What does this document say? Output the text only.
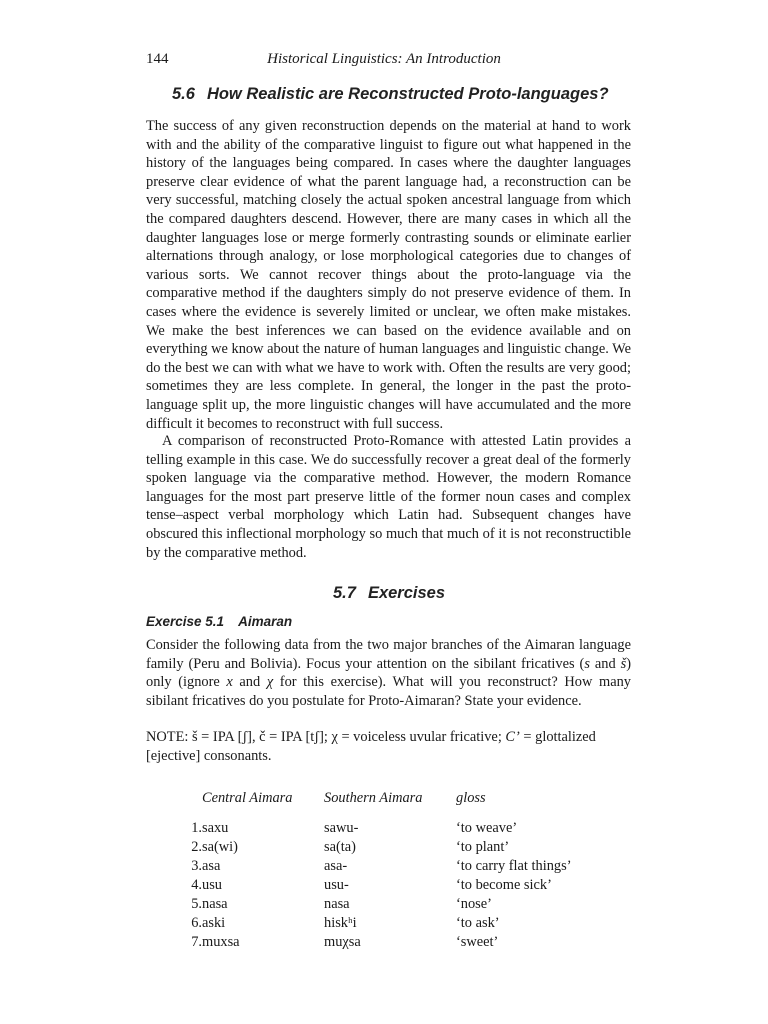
144	Historical Linguistics: An Introduction
5.6 How Realistic are Reconstructed Proto-languages?

The success of any given reconstruction depends on the material at hand to work with and the ability of the comparative linguist to figure out what happened in the history of the languages being compared. In cases where the daughter languages preserve clear evidence of what the parent language had, a reconstruction can be very successful, matching closely the actual spoken ancestral language from which the compared daughters descend. However, there are many cases in which all the daughter languages lose or merge formerly contrasting sounds or eliminate earlier alternations through analogy, or lose morphological categories due to changes of various sorts. We cannot recover things about the proto-language via the comparative method if the daughters simply do not preserve evidence of them. In cases where the evidence is severely limited or unclear, we often make mistakes. We make the best inferences we can based on the evidence available and on everything we know about the nature of human languages and linguistic change. We do the best we can with what we have to work with. Often the results are very good; sometimes they are less complete. In general, the longer in the past the proto-language split up, the more linguistic changes will have accumulated and the more difficult it becomes to reconstruct with full success.

A comparison of reconstructed Proto-Romance with attested Latin provides a telling example in this case. We do successfully recover a great deal of the formerly spoken language via the comparative method. However, the modern Romance languages for the most part preserve little of the former noun cases and complex tense–aspect verbal morphology which Latin had. Subsequent changes have obscured this inflectional morphology so much that much of it is not reconstructible by the comparative method.

5.7 Exercises
Exercise 5.1 Aimaran

Consider the following data from the two major branches of the Aimaran language family (Peru and Bolivia). Focus your attention on the sibilant fricatives (s and š) only (ignore x and χ for this exercise). What will you reconstruct? How many sibilant fricatives do you postulate for Proto-Aimaran? State your evidence.

NOTE: š = IPA [ʃ], č = IPA [tʃ]; χ = voiceless uvular fricative; C’ = glottalized [ejective] consonants.

	Central Aimara	Southern Aimara	gloss
1.	saxu	sawu-	‘to weave’
2.	sa(wi)	sa(ta)	‘to plant’
3.	asa	asa-	‘to carry flat things’
4.	usu	usu-	‘to become sick’
5.	nasa	nasa	‘nose’
6.	aski	hiskʰi	‘to ask’
7.	muxsa	muχsa	‘sweet’
